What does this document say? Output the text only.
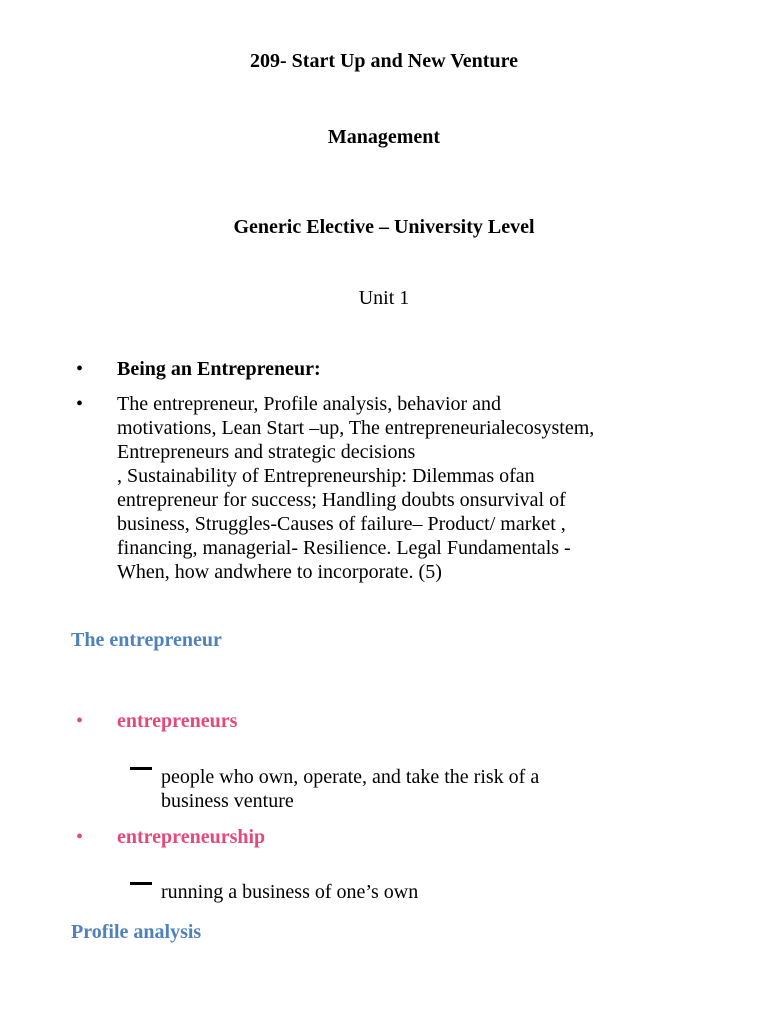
209- Start Up and New Venture
Management
Generic Elective – University Level
Unit 1
• Being an Entrepreneur:
• The entrepreneur, Profile analysis, behavior and
motivations, Lean Start –up, The entrepreneurialecosystem,
Entrepreneurs and strategic decisions
, Sustainability of Entrepreneurship: Dilemmas ofan
entrepreneur for success; Handling doubts onsurvival of
business, Struggles-Causes of failure– Product/ market ,
financing, managerial- Resilience. Legal Fundamentals -
When, how andwhere to incorporate. (5)
The entrepreneur
• entrepreneurs
people who own, operate, and take the risk of a
business venture
• entrepreneurship
running a business of one’s own
Profile analysis
